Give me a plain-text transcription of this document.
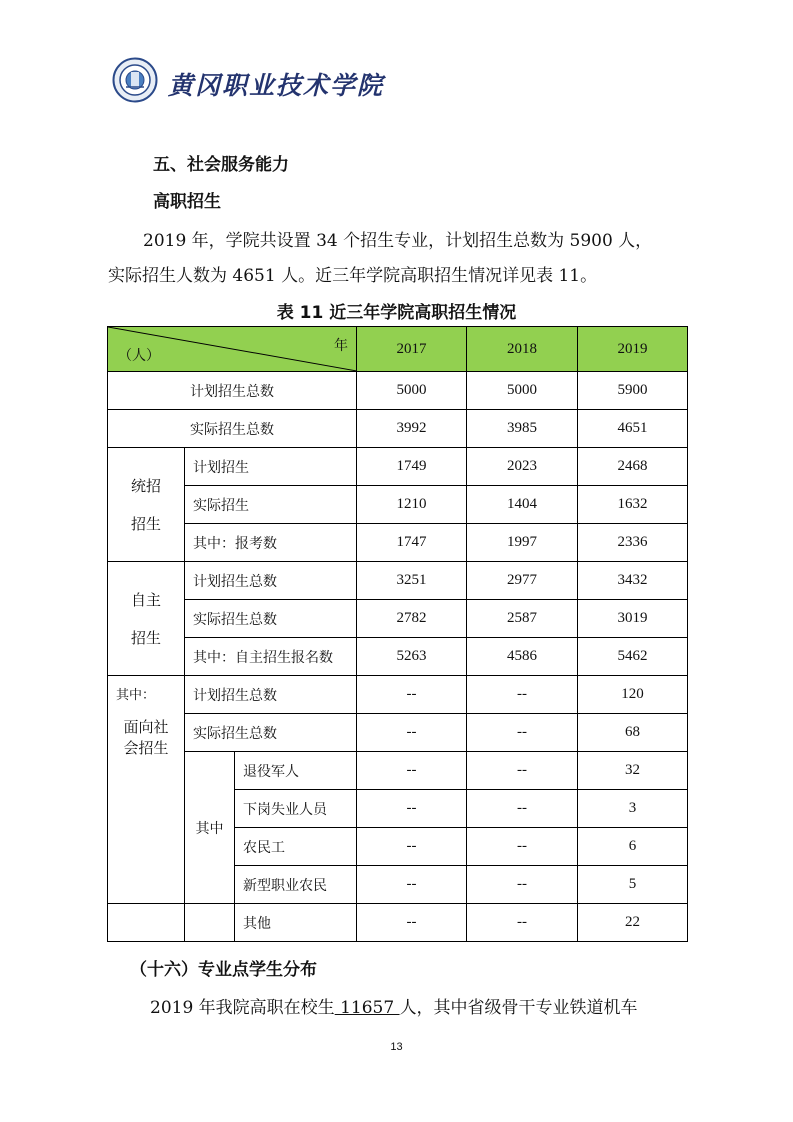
黄冈职业技术学院
五、社会服务能力
高职招生
2019 年，学院共设置 34 个招生专业，计划招生总数为 5900 人，
实际招生人数为 4651 人。近三年学院高职招生情况详见表 11。
表 11 近三年学院高职招生情况
（人）
年			2017	2018	2019
计划招生总数			5000	5000	5900
实际招生总数			3992	3985	4651

统招
招生	计划招生		1749	2023	2468
	实际招生		1210	1404	1632
	其中：报考数		1747	1997	2336

自主
招生	计划招生总数		3251	2977	3432
	实际招生总数		2782	2587	3019
	其中：自主招生报名数		5263	4586	5462

其中：
面向社
会招生	计划招生总数		--	--	120
	实际招生总数		--	--	68
	其中	退役军人	--	--	32
		下岗失业人员	--	--	3
		农民工	--	--	6
		新型职业农民	--	--	5
		其他	--	--	22
（十六）专业点学生分布
2019 年我院高职在校生 11657 人，其中省级骨干专业铁道机车
13
